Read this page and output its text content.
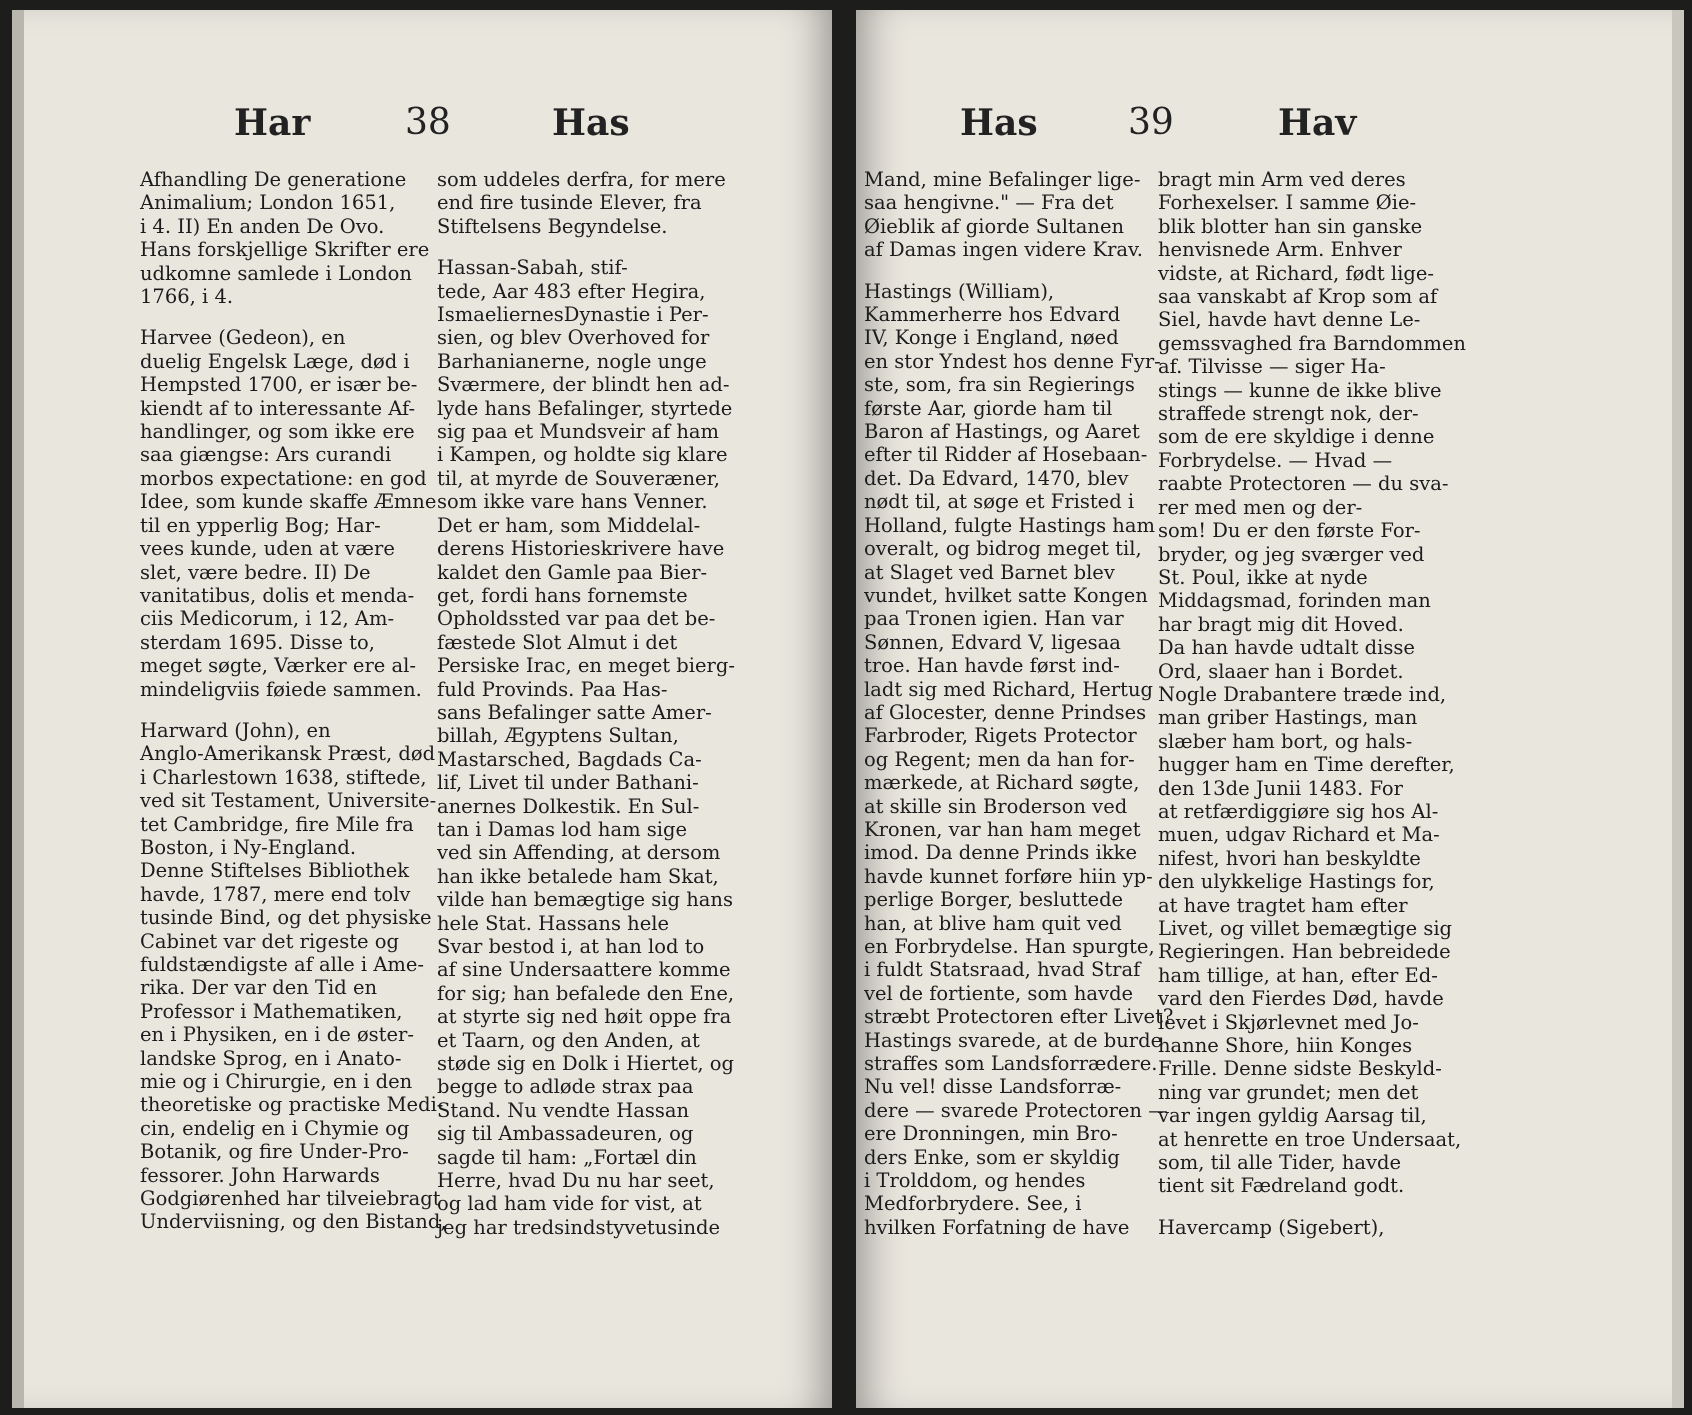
Har	38	Has
Afhandling De generatione
Animalium; London 1651,
i 4. II) En anden De Ovo.
Hans forskjellige Skrifter ere
udkomne samlede i London
1766, i 4.
Harvee (Gedeon), en
duelig Engelsk Læge, død i
Hempsted 1700, er især be-
kiendt af to interessante Af-
handlinger, og som ikke ere
saa giængse: Ars curandi
morbos expectatione: en god
Idee, som kunde skaffe Æmne
til en ypperlig Bog; Har-
vees kunde, uden at være
slet, være bedre. II) De
vanitatibus, dolis et menda-
ciis Medicorum, i 12, Am-
sterdam 1695. Disse to,
meget søgte, Værker ere al-
mindeligviis føiede sammen.
Harward (John), en
Anglo-Amerikansk Præst, død
i Charlestown 1638, stiftede,
ved sit Testament, Universite-
tet Cambridge, fire Mile fra
Boston, i Ny-England.
Denne Stiftelses Bibliothek
havde, 1787, mere end tolv
tusinde Bind, og det physiske
Cabinet var det rigeste og
fuldstændigste af alle i Ame-
rika. Der var den Tid en
Professor i Mathematiken,
en i Physiken, en i de øster-
landske Sprog, en i Anato-
mie og i Chirurgie, en i den
theoretiske og practiske Medi-
cin, endelig en i Chymie og
Botanik, og fire Under-Pro-
fessorer. John Harwards
Godgiørenhed har tilveiebragt
Underviisning, og den Bistand,
som uddeles derfra, for mere
end fire tusinde Elever, fra
Stiftelsens Begyndelse.
Hassan-Sabah, stif-
tede, Aar 483 efter Hegira,
IsmaeliernesDynastie i Per-
sien, og blev Overhoved for
Barhanianerne, nogle unge
Sværmere, der blindt hen ad-
lyde hans Befalinger, styrtede
sig paa et Mundsveir af ham
i Kampen, og holdte sig klare
til, at myrde de Souveræner,
som ikke vare hans Venner.
Det er ham, som Middelal-
derens Historieskrivere have
kaldet den Gamle paa Bier-
get, fordi hans fornemste
Opholdssted var paa det be-
fæstede Slot Almut i det
Persiske Irac, en meget bierg-
fuld Provinds. Paa Has-
sans Befalinger satte Amer-
billah, Ægyptens Sultan,
Mastarsched, Bagdads Ca-
lif, Livet til under Bathani-
anernes Dolkestik. En Sul-
tan i Damas lod ham sige
ved sin Affending, at dersom
han ikke betalede ham Skat,
vilde han bemægtige sig hans
hele Stat. Hassans hele
Svar bestod i, at han lod to
af sine Undersaattere komme
for sig; han befalede den Ene,
at styrte sig ned høit oppe fra
et Taarn, og den Anden, at
støde sig en Dolk i Hiertet, og
begge to adløde strax paa
Stand. Nu vendte Hassan
sig til Ambassadeuren, og
sagde til ham: „Fortæl din
Herre, hvad Du nu har seet,
og lad ham vide for vist, at
jeg har tredsindstyvetusinde
Has	39	Hav
Mand, mine Befalinger lige-
saa hengivne." — Fra det
Øieblik af giorde Sultanen
af Damas ingen videre Krav.
Hastings (William),
Kammerherre hos Edvard
IV, Konge i England, nøed
en stor Yndest hos denne Fyr-
ste, som, fra sin Regierings
første Aar, giorde ham til
Baron af Hastings, og Aaret
efter til Ridder af Hosebaan-
det. Da Edvard, 1470, blev
nødt til, at søge et Fristed i
Holland, fulgte Hastings ham
overalt, og bidrog meget til,
at Slaget ved Barnet blev
vundet, hvilket satte Kongen
paa Tronen igien. Han var
Sønnen, Edvard V, ligesaa
troe. Han havde først ind-
ladt sig med Richard, Hertug
af Glocester, denne Prindses
Farbroder, Rigets Protector
og Regent; men da han for-
mærkede, at Richard søgte,
at skille sin Broderson ved
Kronen, var han ham meget
imod. Da denne Prinds ikke
havde kunnet forføre hiin yp-
perlige Borger, besluttede
han, at blive ham quit ved
en Forbrydelse. Han spurgte,
i fuldt Statsraad, hvad Straf
vel de fortiente, som havde
stræbt Protectoren efter Livet?
Hastings svarede, at de burde
straffes som Landsforrædere.
Nu vel! disse Landsforræ-
dere — svarede Protectoren —
ere Dronningen, min Bro-
ders Enke, som er skyldig
i Trolddom, og hendes
Medforbrydere. See, i
hvilken Forfatning de have
bragt min Arm ved deres
Forhexelser. I samme Øie-
blik blotter han sin ganske
henvisnede Arm. Enhver
vidste, at Richard, født lige-
saa vanskabt af Krop som af
Siel, havde havt denne Le-
gemssvaghed fra Barndommen
af. Tilvisse — siger Ha-
stings — kunne de ikke blive
straffede strengt nok, der-
som de ere skyldige i denne
Forbrydelse. — Hvad —
raabte Protectoren — du sva-
rer med men og der-
som! Du er den første For-
bryder, og jeg sværger ved
St. Poul, ikke at nyde
Middagsmad, forinden man
har bragt mig dit Hoved.
Da han havde udtalt disse
Ord, slaaer han i Bordet.
Nogle Drabantere træde ind,
man griber Hastings, man
slæber ham bort, og hals-
hugger ham en Time derefter,
den 13de Junii 1483. For
at retfærdiggiøre sig hos Al-
muen, udgav Richard et Ma-
nifest, hvori han beskyldte
den ulykkelige Hastings for,
at have tragtet ham efter
Livet, og villet bemægtige sig
Regieringen. Han bebreidede
ham tillige, at han, efter Ed-
vard den Fierdes Død, havde
levet i Skjørlevnet med Jo-
hanne Shore, hiin Konges
Frille. Denne sidste Beskyld-
ning var grundet; men det
var ingen gyldig Aarsag til,
at henrette en troe Undersaat,
som, til alle Tider, havde
tient sit Fædreland godt.
Havercamp (Sigebert),
